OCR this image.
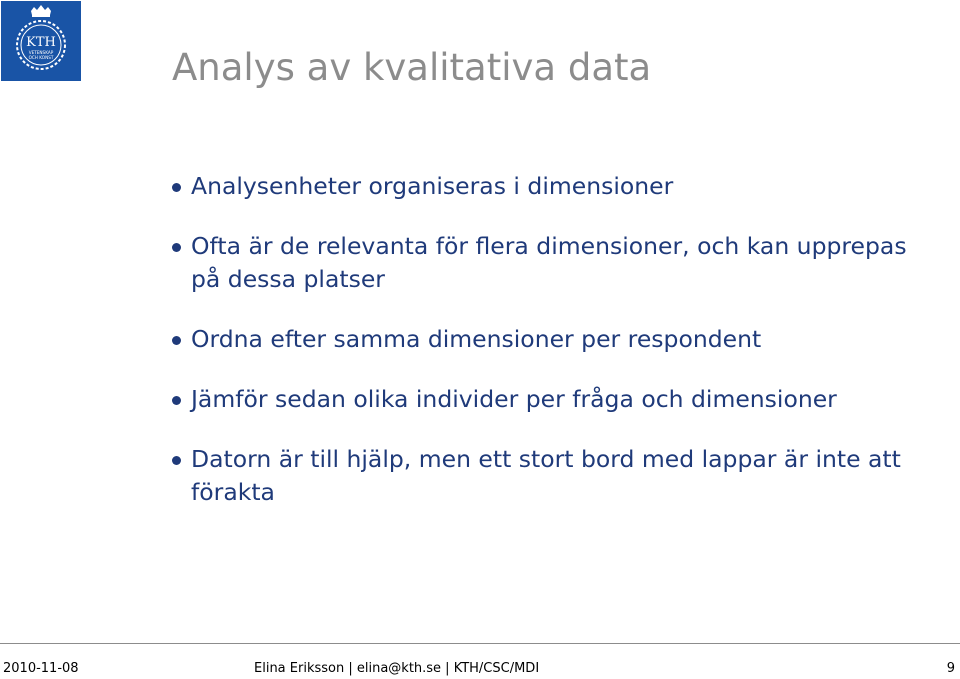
KTH
VETENSKAP
OCH KONST	Analys av kvalitativa data
Analysenheter organiseras i dimensioner
Ofta är de relevanta för flera dimensioner, och kan upprepas på dessa platser
Ordna efter samma dimensioner per respondent
Jämför sedan olika individer per fråga och dimensioner
Datorn är till hjälp, men ett stort bord med lappar är inte att förakta
2010-11-08	Elina Eriksson | elina@kth.se | KTH/CSC/MDI	9
